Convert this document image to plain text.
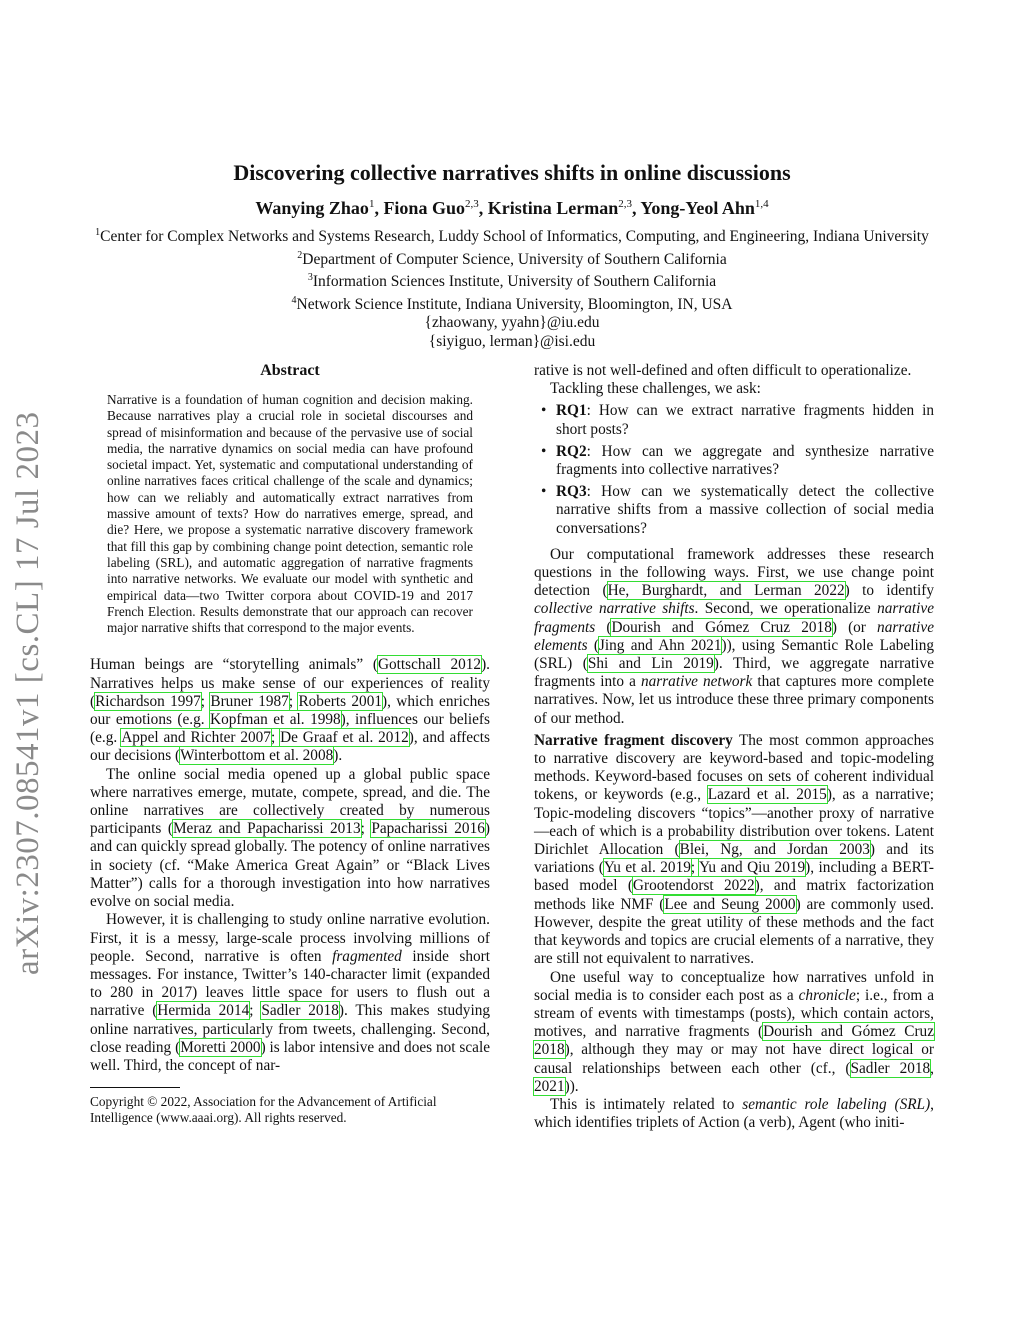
arXiv:2307.08541v1 [cs.CL] 17 Jul 2023
Discovering collective narratives shifts in online discussions
Wanying Zhao$^1$, Fiona Guo$^{2,3}$, Kristina Lerman$^{2,3}$, Yong-Yeol Ahn$^{1,4}$
$^1$Center for Complex Networks and Systems Research, Luddy School of Informatics, Computing, and Engineering, Indiana University
$^2$Department of Computer Science, University of Southern California
$^3$Information Sciences Institute, University of Southern California
$^4$Network Science Institute, Indiana University, Bloomington, IN, USA
{zhaowany, yyahn}@iu.edu
{siyiguo, lerman}@isi.edu
Abstract
Narrative is a foundation of human cognition and decision making. Because narratives play a crucial role in societal discourses and spread of misinformation and because of the pervasive use of social media, the narrative dynamics on social media can have profound societal impact. Yet, systematic and computational understanding of online narratives faces critical challenge of the scale and dynamics; how can we reliably and automatically extract narratives from massive amount of texts? How do narratives emerge, spread, and die? Here, we propose a systematic narrative discovery framework that fill this gap by combining change point detection, semantic role labeling (SRL), and automatic aggregation of narrative fragments into narrative networks. We evaluate our model with synthetic and empirical data—two Twitter corpora about COVID-19 and 2017 French Election. Results demonstrate that our approach can recover major narrative shifts that correspond to the major events.

Human beings are “storytelling animals” (Gottschall 2012). Narratives helps us make sense of our experiences of reality (Richardson 1997; Bruner 1987; Roberts 2001), which enriches our emotions (e.g. Kopfman et al. 1998), influences our beliefs (e.g. Appel and Richter 2007; De Graaf et al. 2012), and affects our decisions (Winterbottom et al. 2008).

The online social media opened up a global public space where narratives emerge, mutate, compete, spread, and die. The online narratives are collectively created by numerous participants (Meraz and Papacharissi 2013; Papacharissi 2016) and can quickly spread globally. The potency of online narratives in society (cf. “Make America Great Again” or “Black Lives Matter”) calls for a thorough investigation into how narratives evolve on social media.

However, it is challenging to study online narrative evolution. First, it is a messy, large-scale process involving millions of people. Second, narrative is often fragmented inside short messages. For instance, Twitter’s 140-character limit (expanded to 280 in 2017) leaves little space for users to flush out a narrative (Hermida 2014; Sadler 2018). This makes studying online narratives, particularly from tweets, challenging. Second, close reading (Moretti 2000) is labor intensive and does not scale well. Third, the concept of nar-

Copyright © 2022, Association for the Advancement of Artificial Intelligence (www.aaai.org). All rights reserved.

rative is not well-defined and often difficult to operationalize.

Tackling these challenges, we ask:

• RQ1: How can we extract narrative fragments hidden in short posts?
• RQ2: How can we aggregate and synthesize narrative fragments into collective narratives?
• RQ3: How can we systematically detect the collective narrative shifts from a massive collection of social media conversations?

Our computational framework addresses these research questions in the following ways. First, we use change point detection (He, Burghardt, and Lerman 2022) to identify collective narrative shifts. Second, we operationalize narrative fragments (Dourish and Gómez Cruz 2018) (or narrative elements (Jing and Ahn 2021)), using Semantic Role Labeling (SRL) (Shi and Lin 2019). Third, we aggregate narrative fragments into a narrative network that captures more complete narratives. Now, let us introduce these three primary components of our method.

Narrative fragment discovery The most common approaches to narrative discovery are keyword-based and topic-modeling methods. Keyword-based focuses on sets of coherent individual tokens, or keywords (e.g., Lazard et al. 2015), as a narrative; Topic-modeling discovers “topics”—another proxy of narrative—each of which is a probability distribution over tokens. Latent Dirichlet Allocation (Blei, Ng, and Jordan 2003) and its variations (Yu et al. 2019; Yu and Qiu 2019), including a BERT-based model (Grootendorst 2022), and matrix factorization methods like NMF (Lee and Seung 2000) are commonly used. However, despite the great utility of these methods and the fact that keywords and topics are crucial elements of a narrative, they are still not equivalent to narratives.

One useful way to conceptualize how narratives unfold in social media is to consider each post as a chronicle; i.e., from a stream of events with timestamps (posts), which contain actors, motives, and narrative fragments (Dourish and Gómez Cruz 2018), although they may or may not have direct logical or causal relationships between each other (cf., (Sadler 2018, 2021)).

This is intimately related to semantic role labeling (SRL), which identifies triplets of Action (a verb), Agent (who initi-
